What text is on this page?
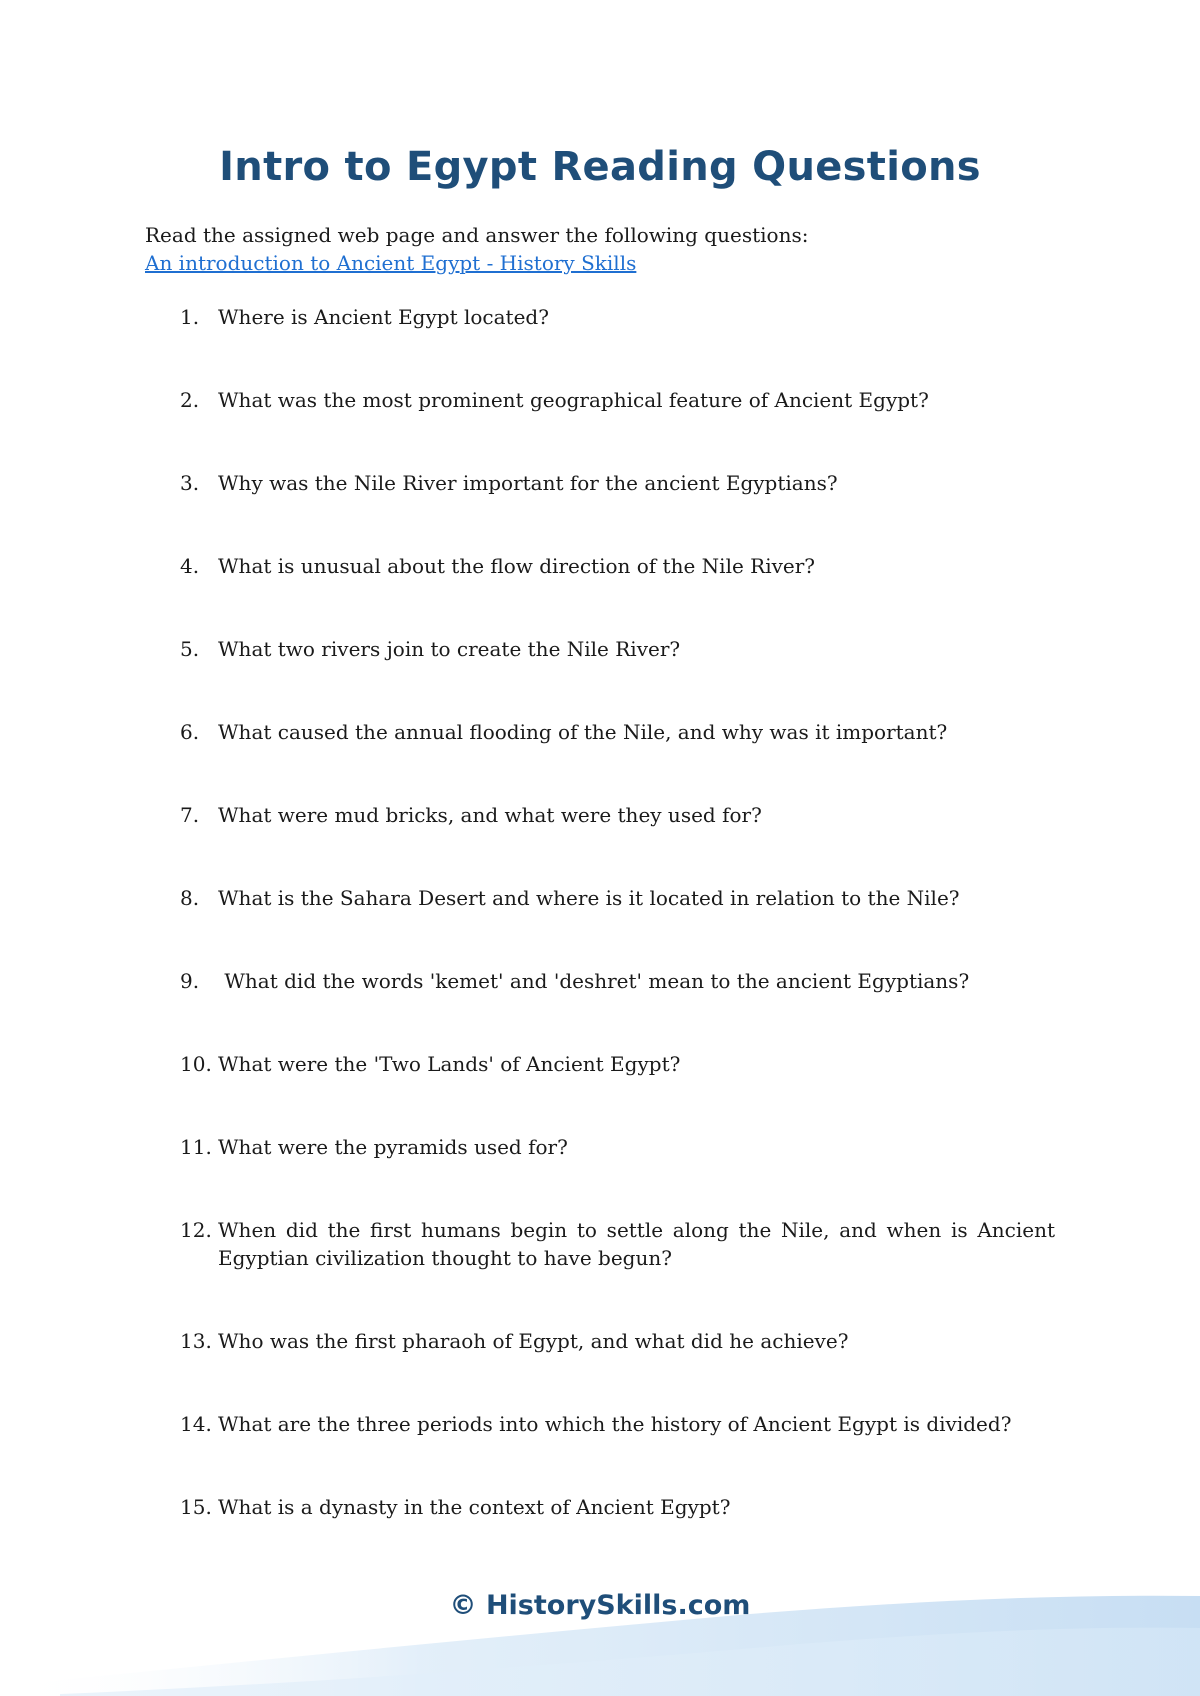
Intro to Egypt Reading Questions
Read the assigned web page and answer the following questions:
An introduction to Ancient Egypt - History Skills
1. Where is Ancient Egypt located?
2. What was the most prominent geographical feature of Ancient Egypt?
3. Why was the Nile River important for the ancient Egyptians?
4. What is unusual about the flow direction of the Nile River?
5. What two rivers join to create the Nile River?
6. What caused the annual flooding of the Nile, and why was it important?
7. What were mud bricks, and what were they used for?
8. What is the Sahara Desert and where is it located in relation to the Nile?
9. What did the words 'kemet' and 'deshret' mean to the ancient Egyptians?
10. What were the 'Two Lands' of Ancient Egypt?
11. What were the pyramids used for?
12. When did the first humans begin to settle along the Nile, and when is Ancient Egyptian civilization thought to have begun?
13. Who was the first pharaoh of Egypt, and what did he achieve?
14. What are the three periods into which the history of Ancient Egypt is divided?
15. What is a dynasty in the context of Ancient Egypt?
© HistorySkills.com
